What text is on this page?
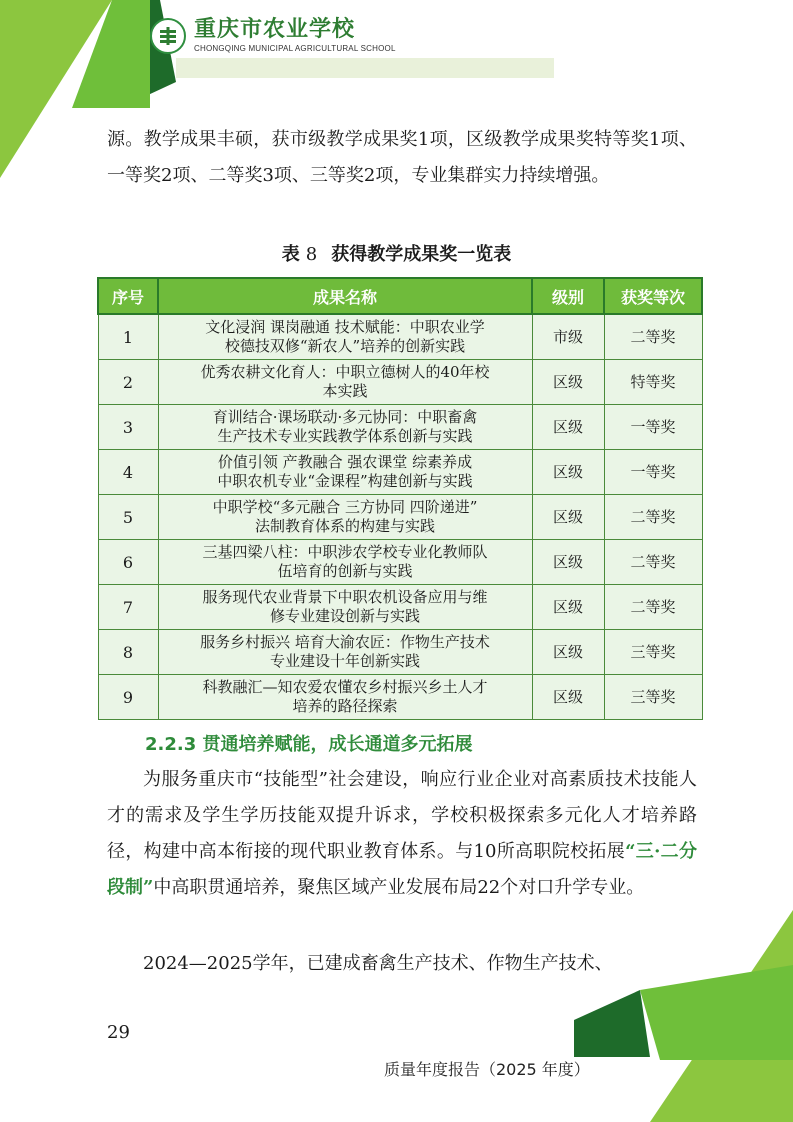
重庆市农业学校
CHONGQING MUNICIPAL AGRICULTURAL SCHOOL

源。教学成果丰硕，获市级教学成果奖1项，区级教学成果奖特等奖1项、一等奖2项、二等奖3项、三等奖2项，专业集群实力持续增强。

表 8 获得教学成果奖一览表
序号	成果名称	级别	获奖等次
1	文化浸润 课岗融通 技术赋能：中职农业学
校德技双修“新农人”培养的创新实践	市级	二等奖
2	优秀农耕文化育人：中职立德树人的40年校
本实践	区级	特等奖
3	育训结合·课场联动·多元协同：中职畜禽
生产技术专业实践教学体系创新与实践	区级	一等奖
4	价值引领 产教融合 强农课堂 综素养成
中职农机专业“金课程”构建创新与实践	区级	一等奖
5	中职学校“多元融合 三方协同 四阶递进”
法制教育体系的构建与实践	区级	二等奖
6	三基四梁八柱：中职涉农学校专业化教师队
伍培育的创新与实践	区级	二等奖
7	服务现代农业背景下中职农机设备应用与维
修专业建设创新与实践	区级	二等奖
8	服务乡村振兴 培育大渝农匠：作物生产技术
专业建设十年创新实践	区级	三等奖
9	科教融汇—知农爱农懂农乡村振兴乡土人才
培养的路径探索	区级	三等奖
2.2.3 贯通培养赋能，成长通道多元拓展

为服务重庆市“技能型”社会建设，响应行业企业对高素质技术技能人才的需求及学生学历技能双提升诉求，学校积极探索多元化人才培养路径，构建中高本衔接的现代职业教育体系。与10所高职院校拓展“三·二分段制”中高职贯通培养，聚焦区域产业发展布局22个对口升学专业。

2024—2025学年，已建成畜禽生产技术、作物生产技术、

29
质量年度报告（2025 年度）
